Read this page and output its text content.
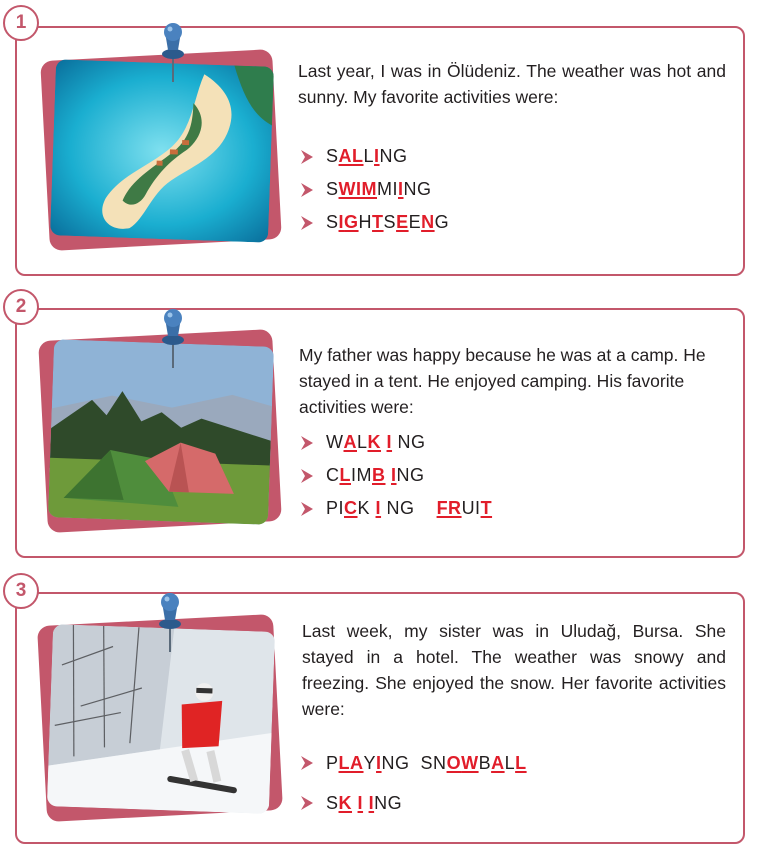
1
Last year, I was in Ölüdeniz. The weather was hot and sunny. My favorite activities were:
SALLING
SWIMMIING
SIGHTSEENG
2
My father was happy because he was at a camp. He stayed in a tent. He enjoyed camping. His favorite activities were:
WALK I NG
CLIMB ING
PICK I NG FRUIT
3
Last week, my sister was in Uludağ, Bursa. She stayed in a hotel. The weather was snowy and freezing. She enjoyed the snow. Her favorite activities were:
PLAYING  SNOWBALL
SK I ING
